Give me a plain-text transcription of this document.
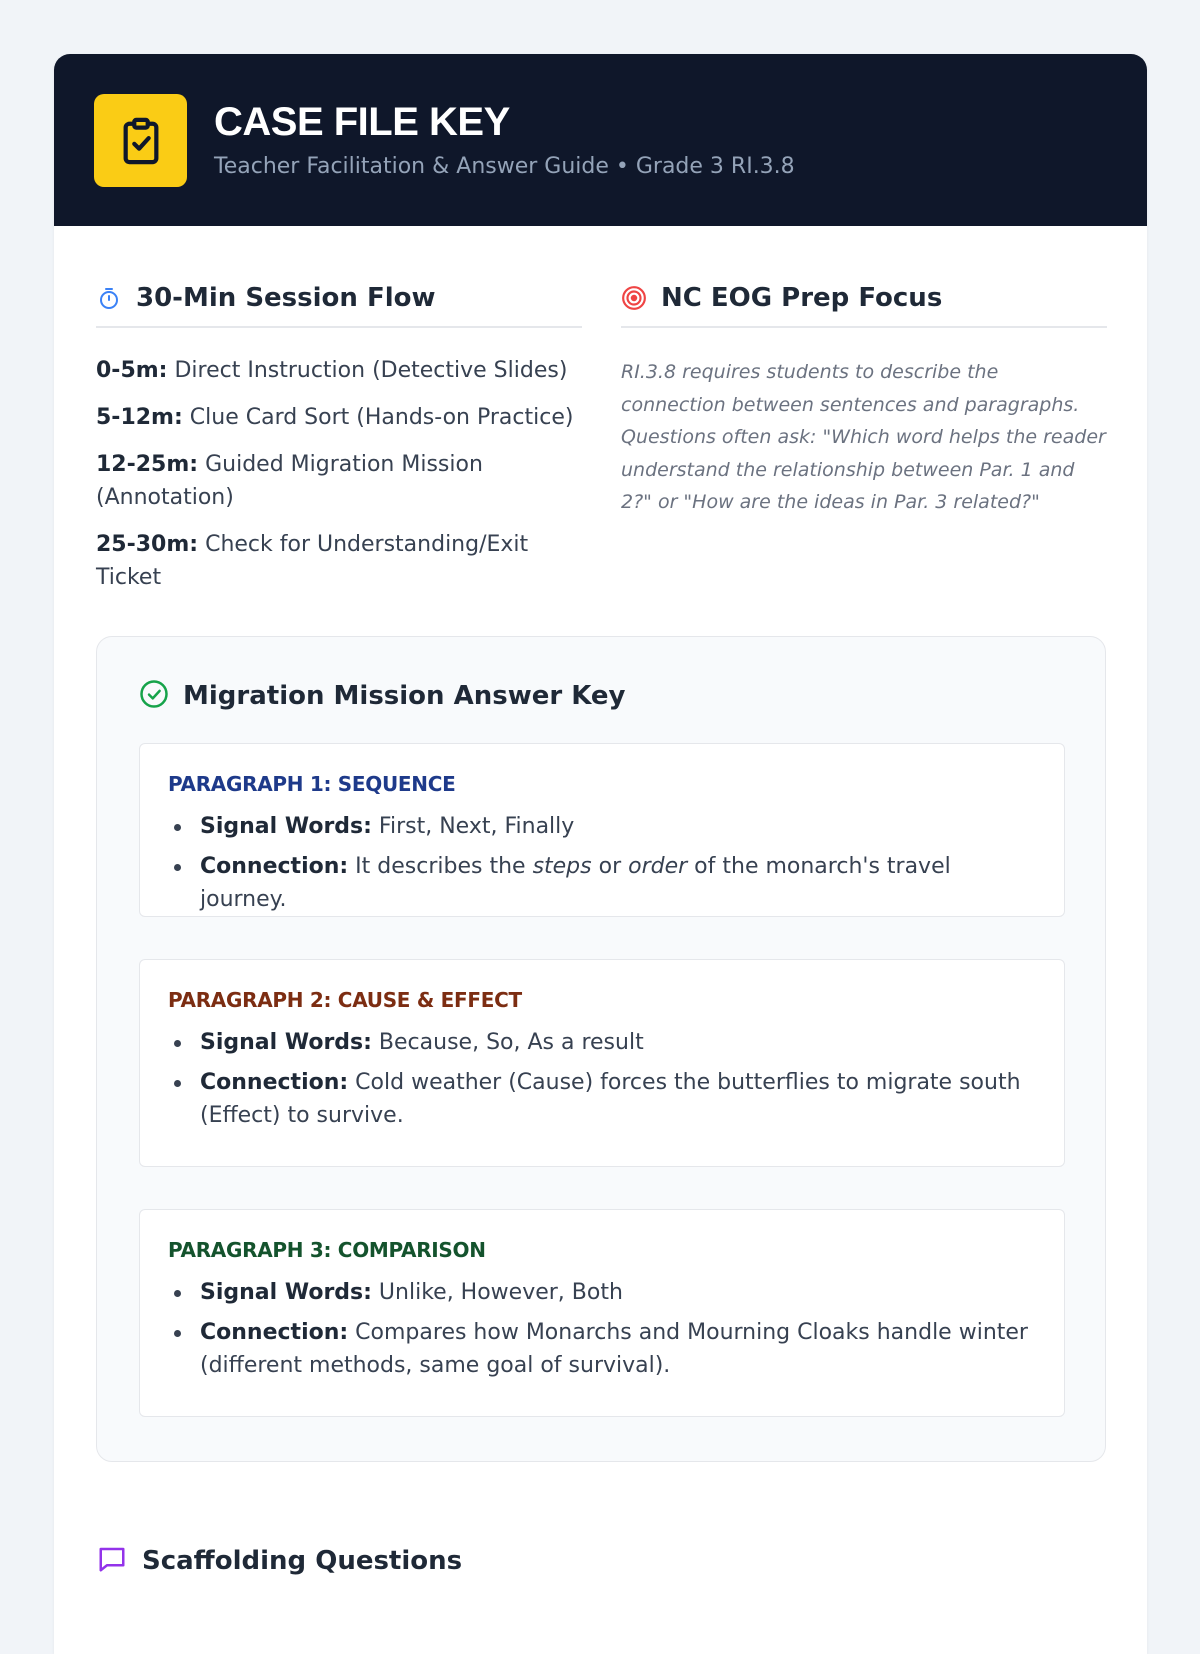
CASE FILE KEY
Teacher Facilitation & Answer Guide • Grade 3 RI.3.8
30-Min Session Flow
0-5m: Direct Instruction (Detective Slides)
5-12m: Clue Card Sort (Hands-on Practice)
12-25m: Guided Migration Mission (Annotation)
25-30m: Check for Understanding/Exit Ticket
NC EOG Prep Focus
RI.3.8 requires students to describe the connection between sentences and paragraphs. Questions often ask: "Which word helps the reader understand the relationship between Par. 1 and 2?" or "How are the ideas in Par. 3 related?"
Migration Mission Answer Key
PARAGRAPH 1: SEQUENCE
Signal Words: First, Next, Finally
Connection: It describes the steps or order of the monarch's travel journey.
PARAGRAPH 2: CAUSE & EFFECT
Signal Words: Because, So, As a result
Connection: Cold weather (Cause) forces the butterflies to migrate south (Effect) to survive.
PARAGRAPH 3: COMPARISON
Signal Words: Unlike, However, Both
Connection: Compares how Monarchs and Mourning Cloaks handle winter (different methods, same goal of survival).
Scaffolding Questions
